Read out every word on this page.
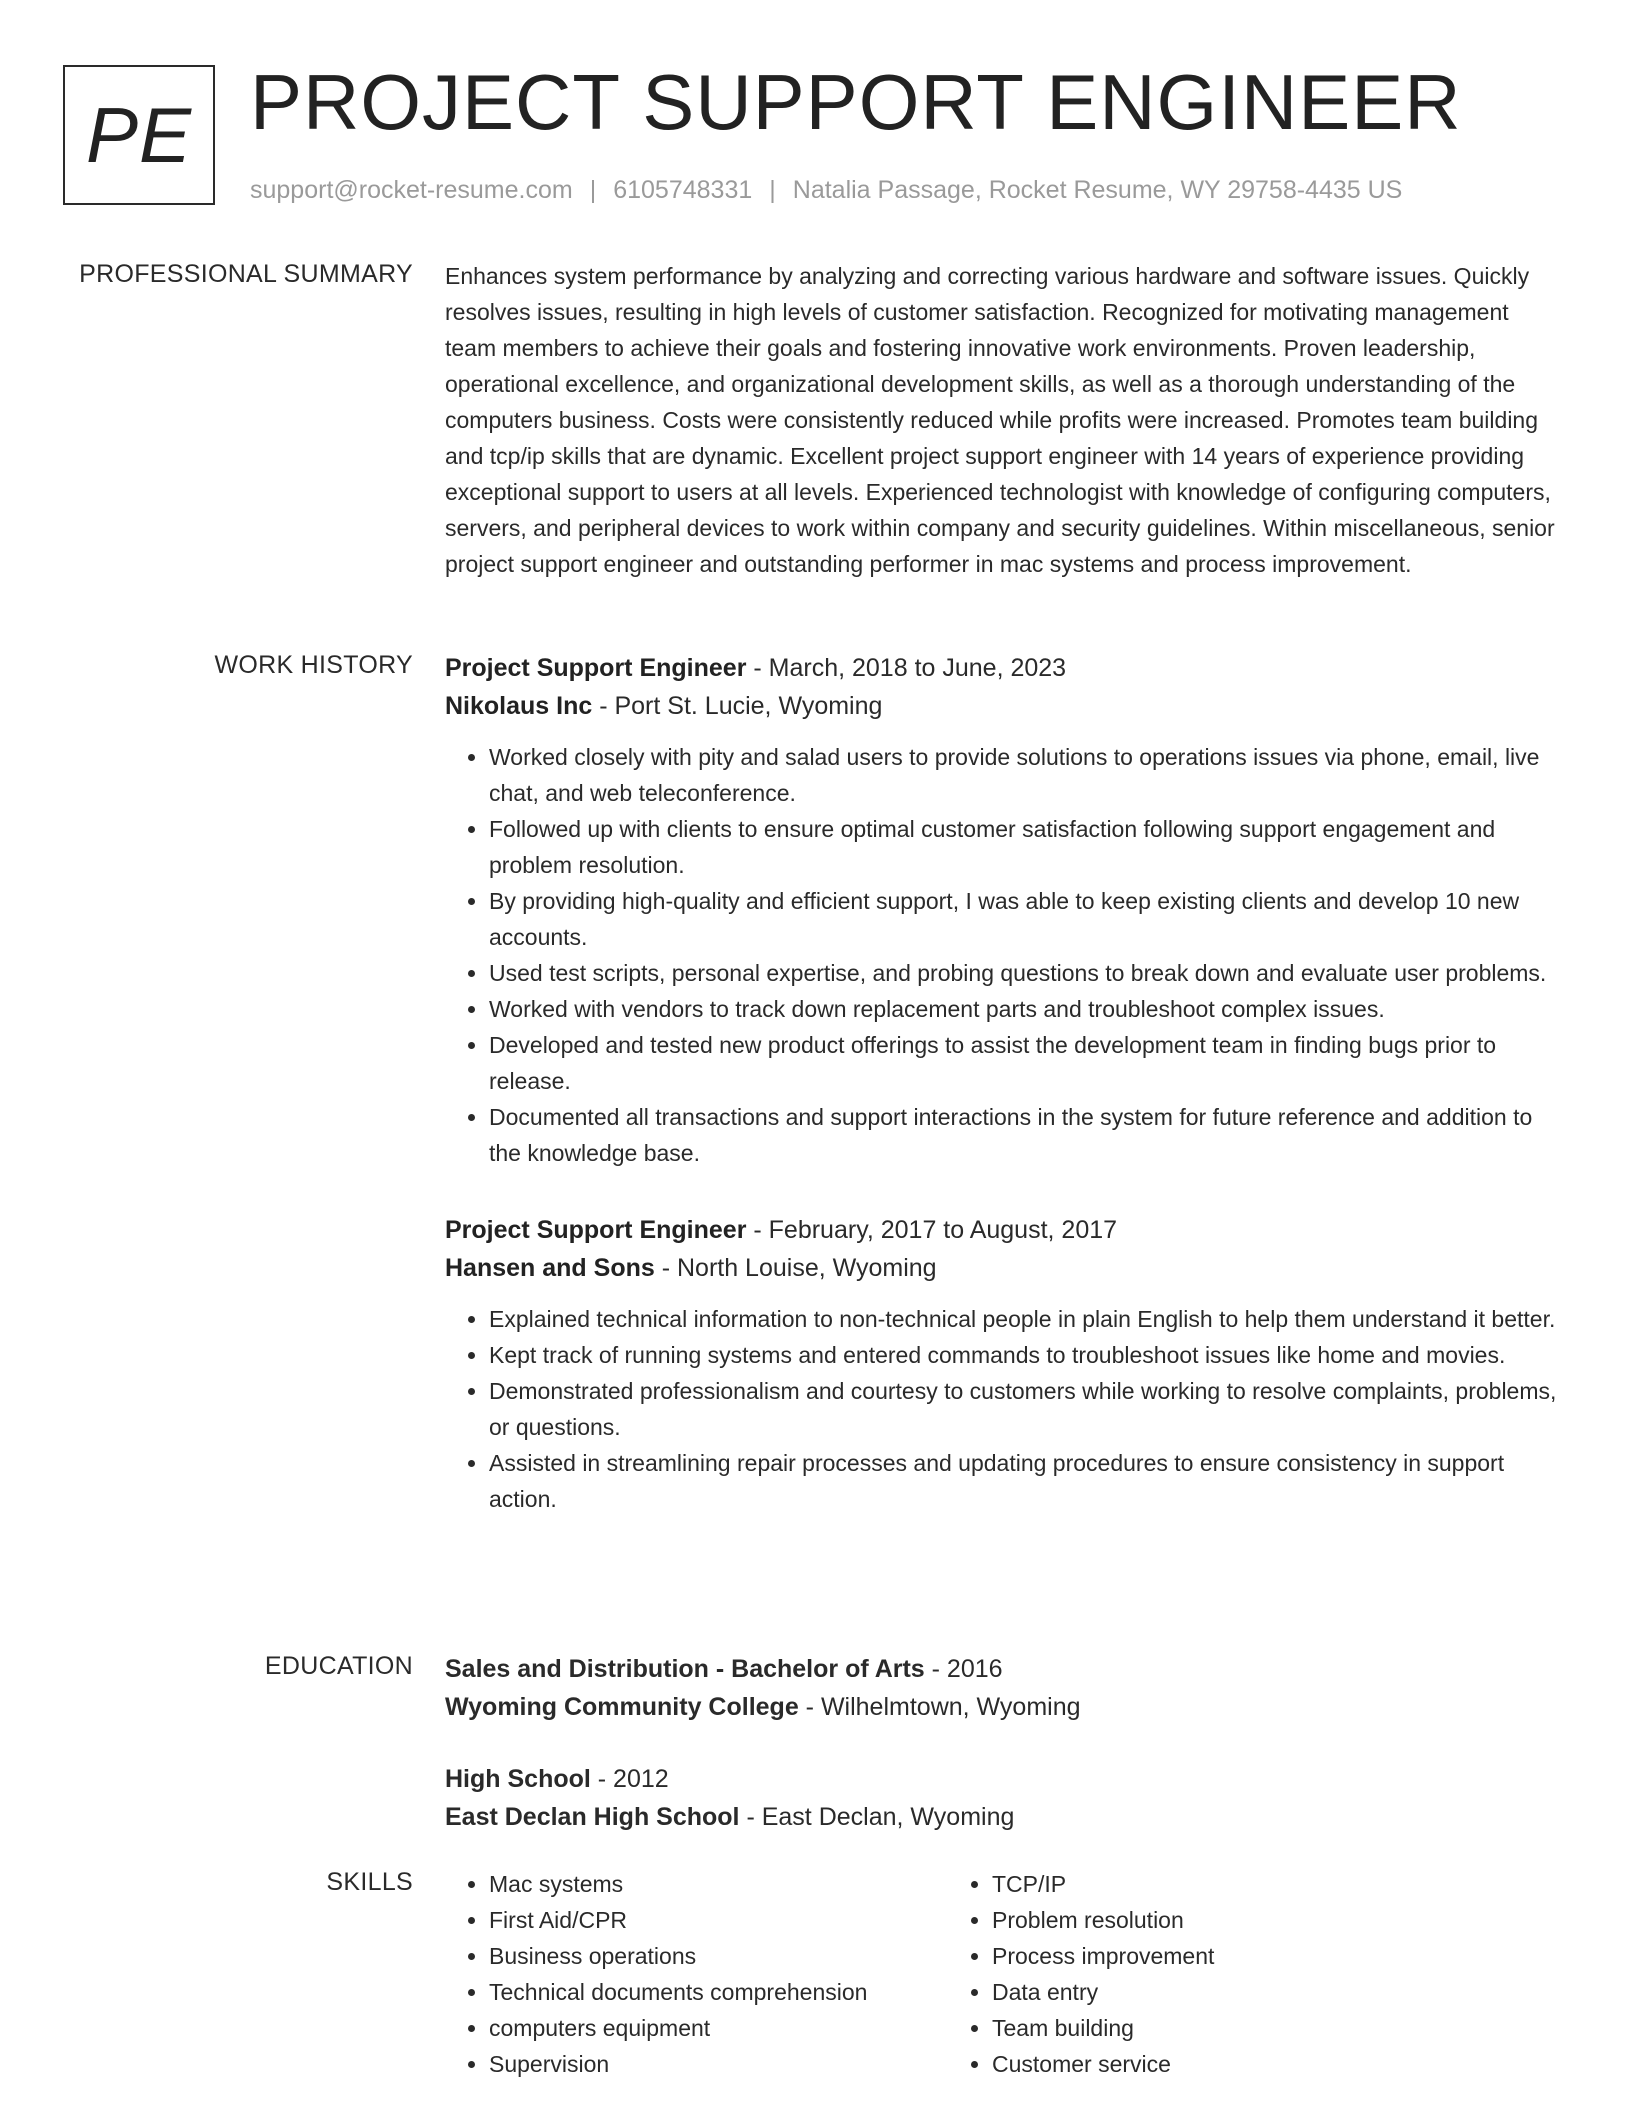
PE PROJECT SUPPORT ENGINEER
support@rocket-resume.com | 6105748331 | Natalia Passage, Rocket Resume, WY 29758-4435 US
PROFESSIONAL SUMMARY Enhances system performance by analyzing and correcting various hardware and software issues. Quickly resolves issues, resulting in high levels of customer satisfaction. Recognized for motivating management team members to achieve their goals and fostering innovative work environments. Proven leadership, operational excellence, and organizational development skills, as well as a thorough understanding of the computers business. Costs were consistently reduced while profits were increased. Promotes team building and tcp/ip skills that are dynamic. Excellent project support engineer with 14 years of experience providing exceptional support to users at all levels. Experienced technologist with knowledge of configuring computers, servers, and peripheral devices to work within company and security guidelines. Within miscellaneous, senior project support engineer and outstanding performer in mac systems and process improvement.

WORK HISTORY Project Support Engineer - March, 2018 to June, 2023
Nikolaus Inc - Port St. Lucie, Wyoming
• Worked closely with pity and salad users to provide solutions to operations issues via phone, email, live chat, and web teleconference.
• Followed up with clients to ensure optimal customer satisfaction following support engagement and problem resolution.
• By providing high-quality and efficient support, I was able to keep existing clients and develop 10 new accounts.
• Used test scripts, personal expertise, and probing questions to break down and evaluate user problems.
• Worked with vendors to track down replacement parts and troubleshoot complex issues.
• Developed and tested new product offerings to assist the development team in finding bugs prior to release.
• Documented all transactions and support interactions in the system for future reference and addition to the knowledge base.
Project Support Engineer - February, 2017 to August, 2017
Hansen and Sons - North Louise, Wyoming
• Explained technical information to non-technical people in plain English to help them understand it better.
• Kept track of running systems and entered commands to troubleshoot issues like home and movies.
• Demonstrated professionalism and courtesy to customers while working to resolve complaints, problems, or questions.
• Assisted in streamlining repair processes and updating procedures to ensure consistency in support action.
EDUCATION Sales and Distribution - Bachelor of Arts - 2016
Wyoming Community College - Wilhelmtown, Wyoming
High School - 2012
East Declan High School - East Declan, Wyoming
SKILLS
•	Mac systems
• First Aid/CPR
• Business operations
• Technical documents comprehension
• computers equipment
• Supervision
• TCP/IP
• Problem resolution
• Process improvement
• Data entry
• Team building
• Customer service
